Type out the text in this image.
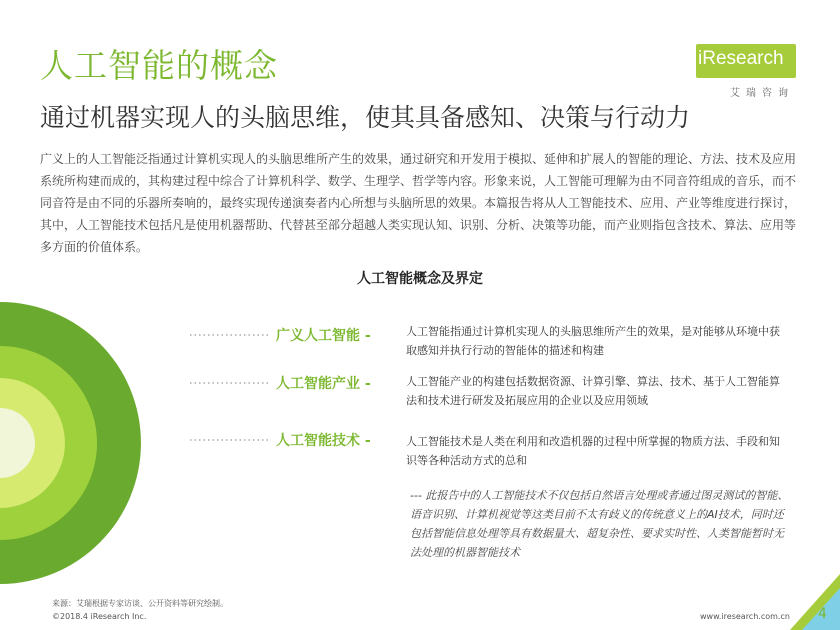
人工智能的概念
通过机器实现人的头脑思维，使其具备感知、决策与行动力
iResearch
艾瑞咨询

广义上的人工智能泛指通过计算机实现人的头脑思维所产生的效果，通过研究和开发用于模拟、延伸和扩展人的智能的理论、方法、技术及应用系统所构建而成的，其构建过程中综合了计算机科学、数学、生理学、哲学等内容。形象来说，人工智能可理解为由不同音符组成的音乐，而不同音符是由不同的乐器所奏响的，最终实现传递演奏者内心所想与头脑所思的效果。本篇报告将从人工智能技术、应用、产业等维度进行探讨，其中，人工智能技术包括凡是使用机器帮助、代替甚至部分超越人类实现认知、识别、分析、决策等功能，而产业则指包含技术、算法、应用等多方面的价值体系。

人工智能概念及界定
广义人工智能 -
人工智能产业 -
人工智能技术 -

人工智能指通过计算机实现人的头脑思维所产生的效果，是对能够从环境中获取感知并执行行动的智能体的描述和构建

人工智能产业的构建包括数据资源、计算引擎、算法、技术、基于人工智能算法和技术进行研发及拓展应用的企业以及应用领域

人工智能技术是人类在利用和改造机器的过程中所掌握的物质方法、手段和知识等各种活动方式的总和

--- 此报告中的人工智能技术不仅包括自然语言处理或者通过图灵测试的智能、语音识别、计算机视觉等这类目前不太有歧义的传统意义上的AI技术，同时还包括智能信息处理等具有数据量大、超复杂性、要求实时性、人类智能暂时无法处理的机器智能技术

来源：艾瑞根据专家访谈、公开资料等研究绘制。
©2018.4 iResearch Inc.	www.iresearch.com.cn 4
